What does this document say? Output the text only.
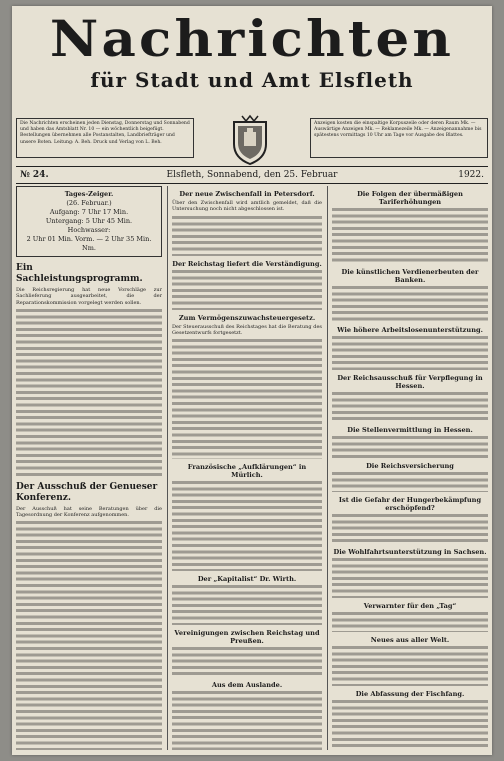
Nachrichten
für Stadt und Amt Elsfleth
Die Nachrichten erscheinen jeden Dienstag, Donnerstag und Sonnabend und haben das Amtsblatt Nr. 10 — ein wöchentlich beigefügt. Bestellungen übernehmen alle Postanstalten, Landbriefträger und unsere Boten. Leitung: A. Beh. Druck und Verlag von L. Beh.
Anzeigen kosten die einspaltige Korpuszeile oder deren Raum Mk. — Auswärtige Anzeigen Mk. — Reklamezeile Mk. — Anzeigenannahme bis spätestens vormittags 10 Uhr am Tage vor Ausgabe des Blattes.
№ 24.	Elsfleth, Sonnabend, den 25. Februar	1922.
Tages-Zeiger.
(26. Februar.)
Aufgang: 7 Uhr 17 Min.
Untergang: 5 Uhr 45 Min.
Hochwasser:
2 Uhr 01 Min. Vorm. — 2 Uhr 35 Min. Nm.
Ein Sachleistungsprogramm.

Die Reichsregierung hat neue Vorschläge zur Sachlieferung ausgearbeitet, die der Reparationskommission vorgelegt werden sollen.

Der Ausschuß der Genueser Konferenz.

Der Ausschuß hat seine Beratungen über die Tagesordnung der Konferenz aufgenommen.

Der neue Zwischenfall in Petersdorf.

Über den Zwischenfall wird amtlich gemeldet, daß die Untersuchung noch nicht abgeschlossen ist.

Der Reichstag liefert die Verständigung.
Zum Vermögenszuwachsteuergesetz.

Der Steuerausschuß des Reichstages hat die Beratung des Gesetzentwurfs fortgesetzt.

Französische „Aufklärungen“ in Mürlich.
Der „Kapitalist“ Dr. Wirth.
Vereinigungen zwischen Reichstag und Preußen.
Aus dem Auslande.
Die Folgen der übermäßigen Tariferhöhungen
Die künstlichen Verdienerbeuten der Banken.
Wie höhere Arbeitslosenunterstützung.
Der Reichsausschuß für Verpflegung in Hessen.
Die Stellenvermittlung in Hessen.
Die Reichsversicherung
Ist die Gefahr der Hungerbekämpfung erschöpfend?
Die Wohlfahrtsunterstützung in Sachsen.
Verwarnter für den „Tag“
Neues aus aller Welt.
Die Abfassung der Fischfang.
